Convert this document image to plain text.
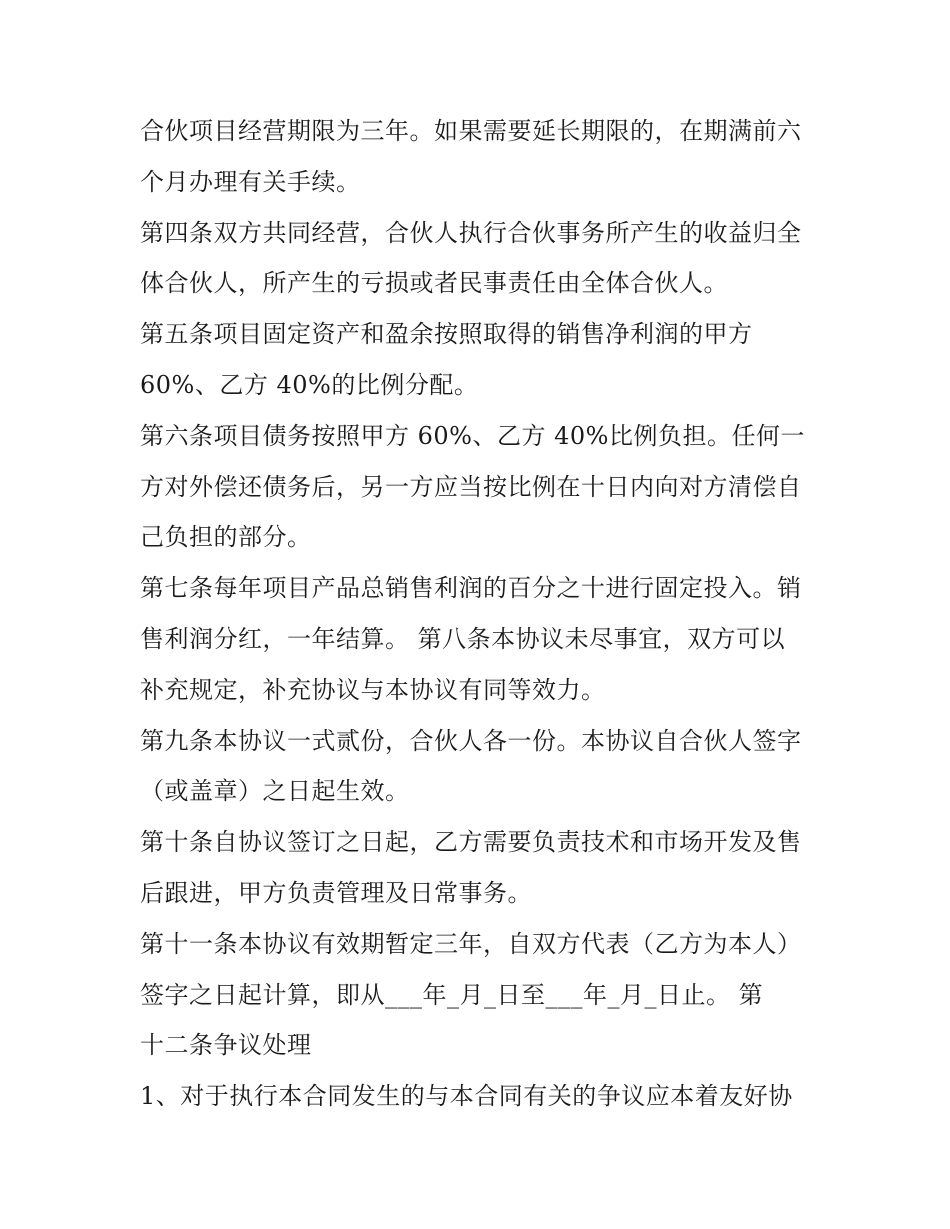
合伙项目经营期限为三年。如果需要延长期限的，在期满前六
个月办理有关手续。
第四条双方共同经营，合伙人执行合伙事务所产生的收益归全
体合伙人，所产生的亏损或者民事责任由全体合伙人。
第五条项目固定资产和盈余按照取得的销售净利润的甲方
60%、乙方 40%的比例分配。
第六条项目债务按照甲方 60%、乙方 40%比例负担。任何一
方对外偿还债务后，另一方应当按比例在十日内向对方清偿自
己负担的部分。
第七条每年项目产品总销售利润的百分之十进行固定投入。销
售利润分红，一年结算。 第八条本协议未尽事宜，双方可以
补充规定，补充协议与本协议有同等效力。
第九条本协议一式贰份，合伙人各一份。本协议自合伙人签字
（或盖章）之日起生效。
第十条自协议签订之日起，乙方需要负责技术和市场开发及售
后跟进，甲方负责管理及日常事务。
第十一条本协议有效期暂定三年，自双方代表（乙方为本人）
签字之日起计算，即从___年_月_日至___年_月_日止。 第
十二条争议处理
1、对于执行本合同发生的与本合同有关的争议应本着友好协
